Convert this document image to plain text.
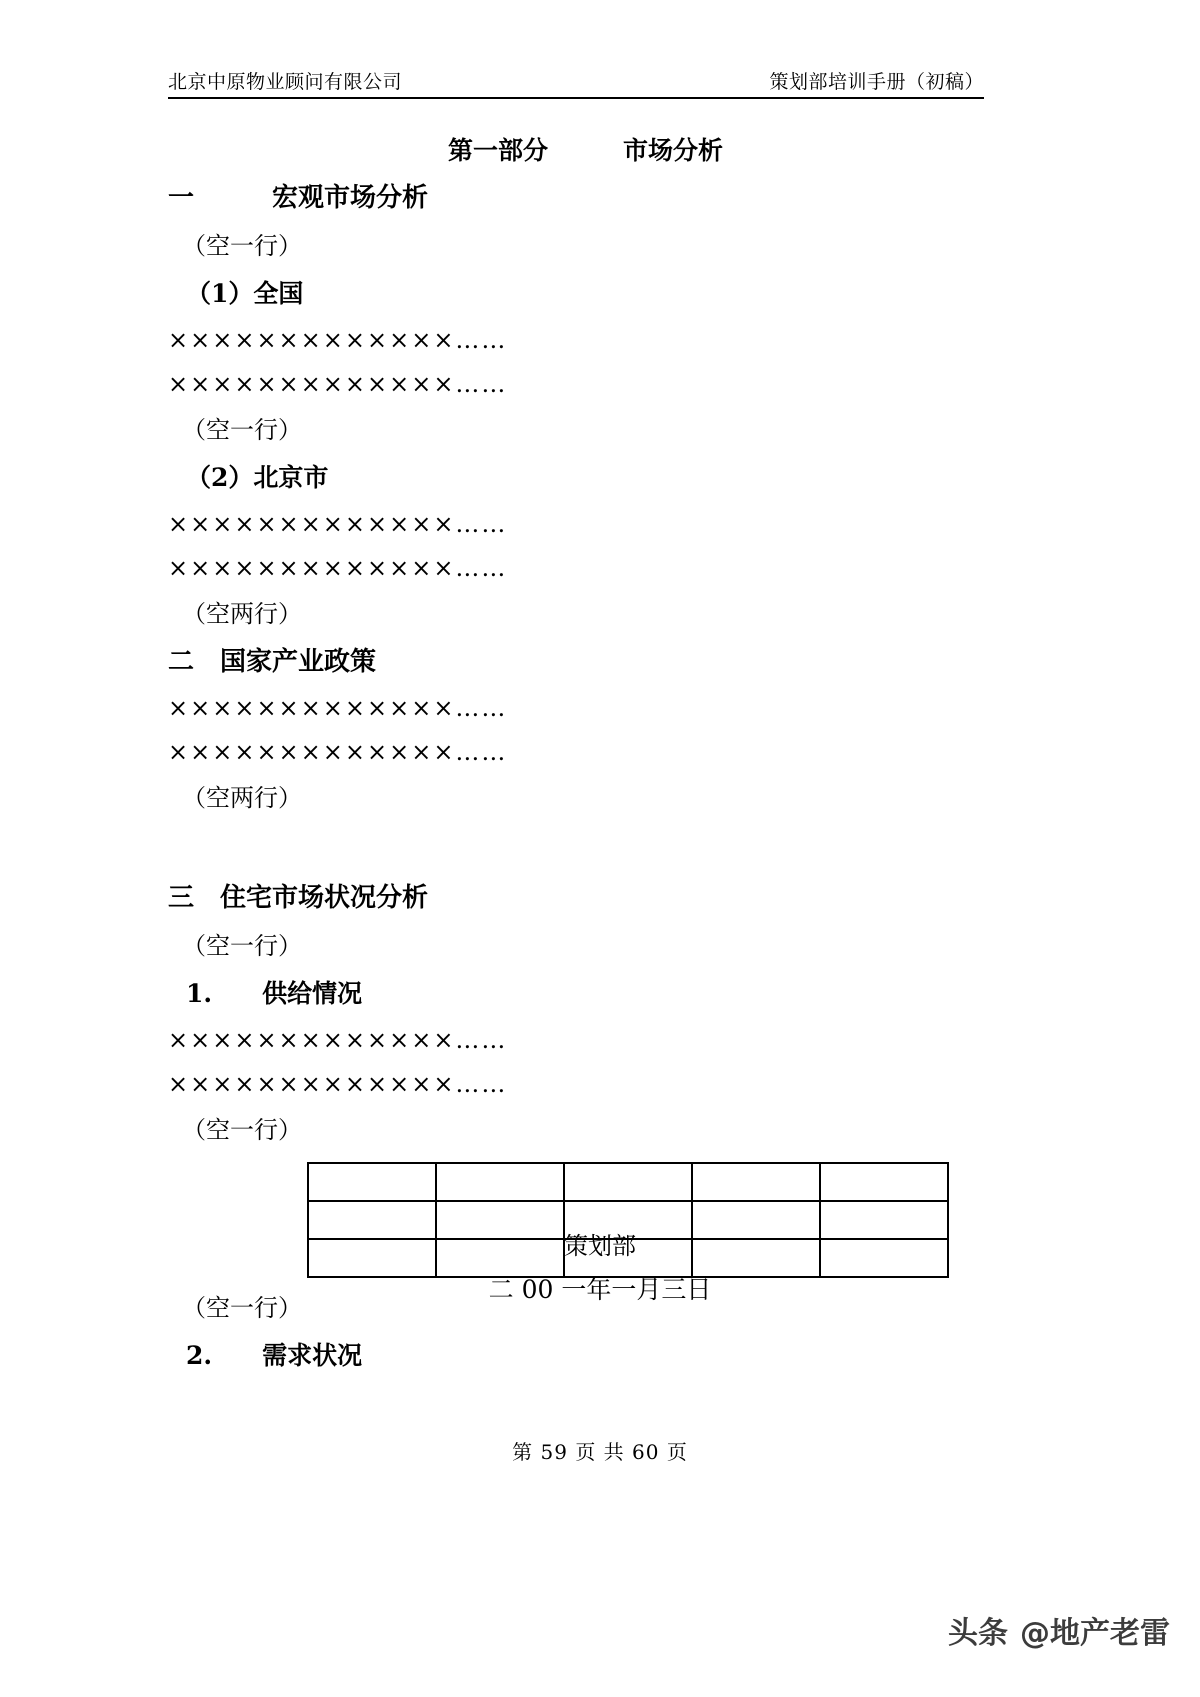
北京中原物业顾问有限公司	策划部培训手册（初稿）
第一部分　　　市场分析
一　　　宏观市场分析
（空一行）
（1）全国
×××××××××××××……
×××××××××××××……
（空一行）
（2）北京市
×××××××××××××……
×××××××××××××……
（空两行）
二　国家产业政策
×××××××××××××……
×××××××××××××……
（空两行）
三　住宅市场状况分析
（空一行）
1.　　供给情况
×××××××××××××……
×××××××××××××……
（空一行）

（空一行）
2.　　需求状况
策划部
二 00 一年一月三日
第 59 页 共 60 页
头条 @地产老雷
